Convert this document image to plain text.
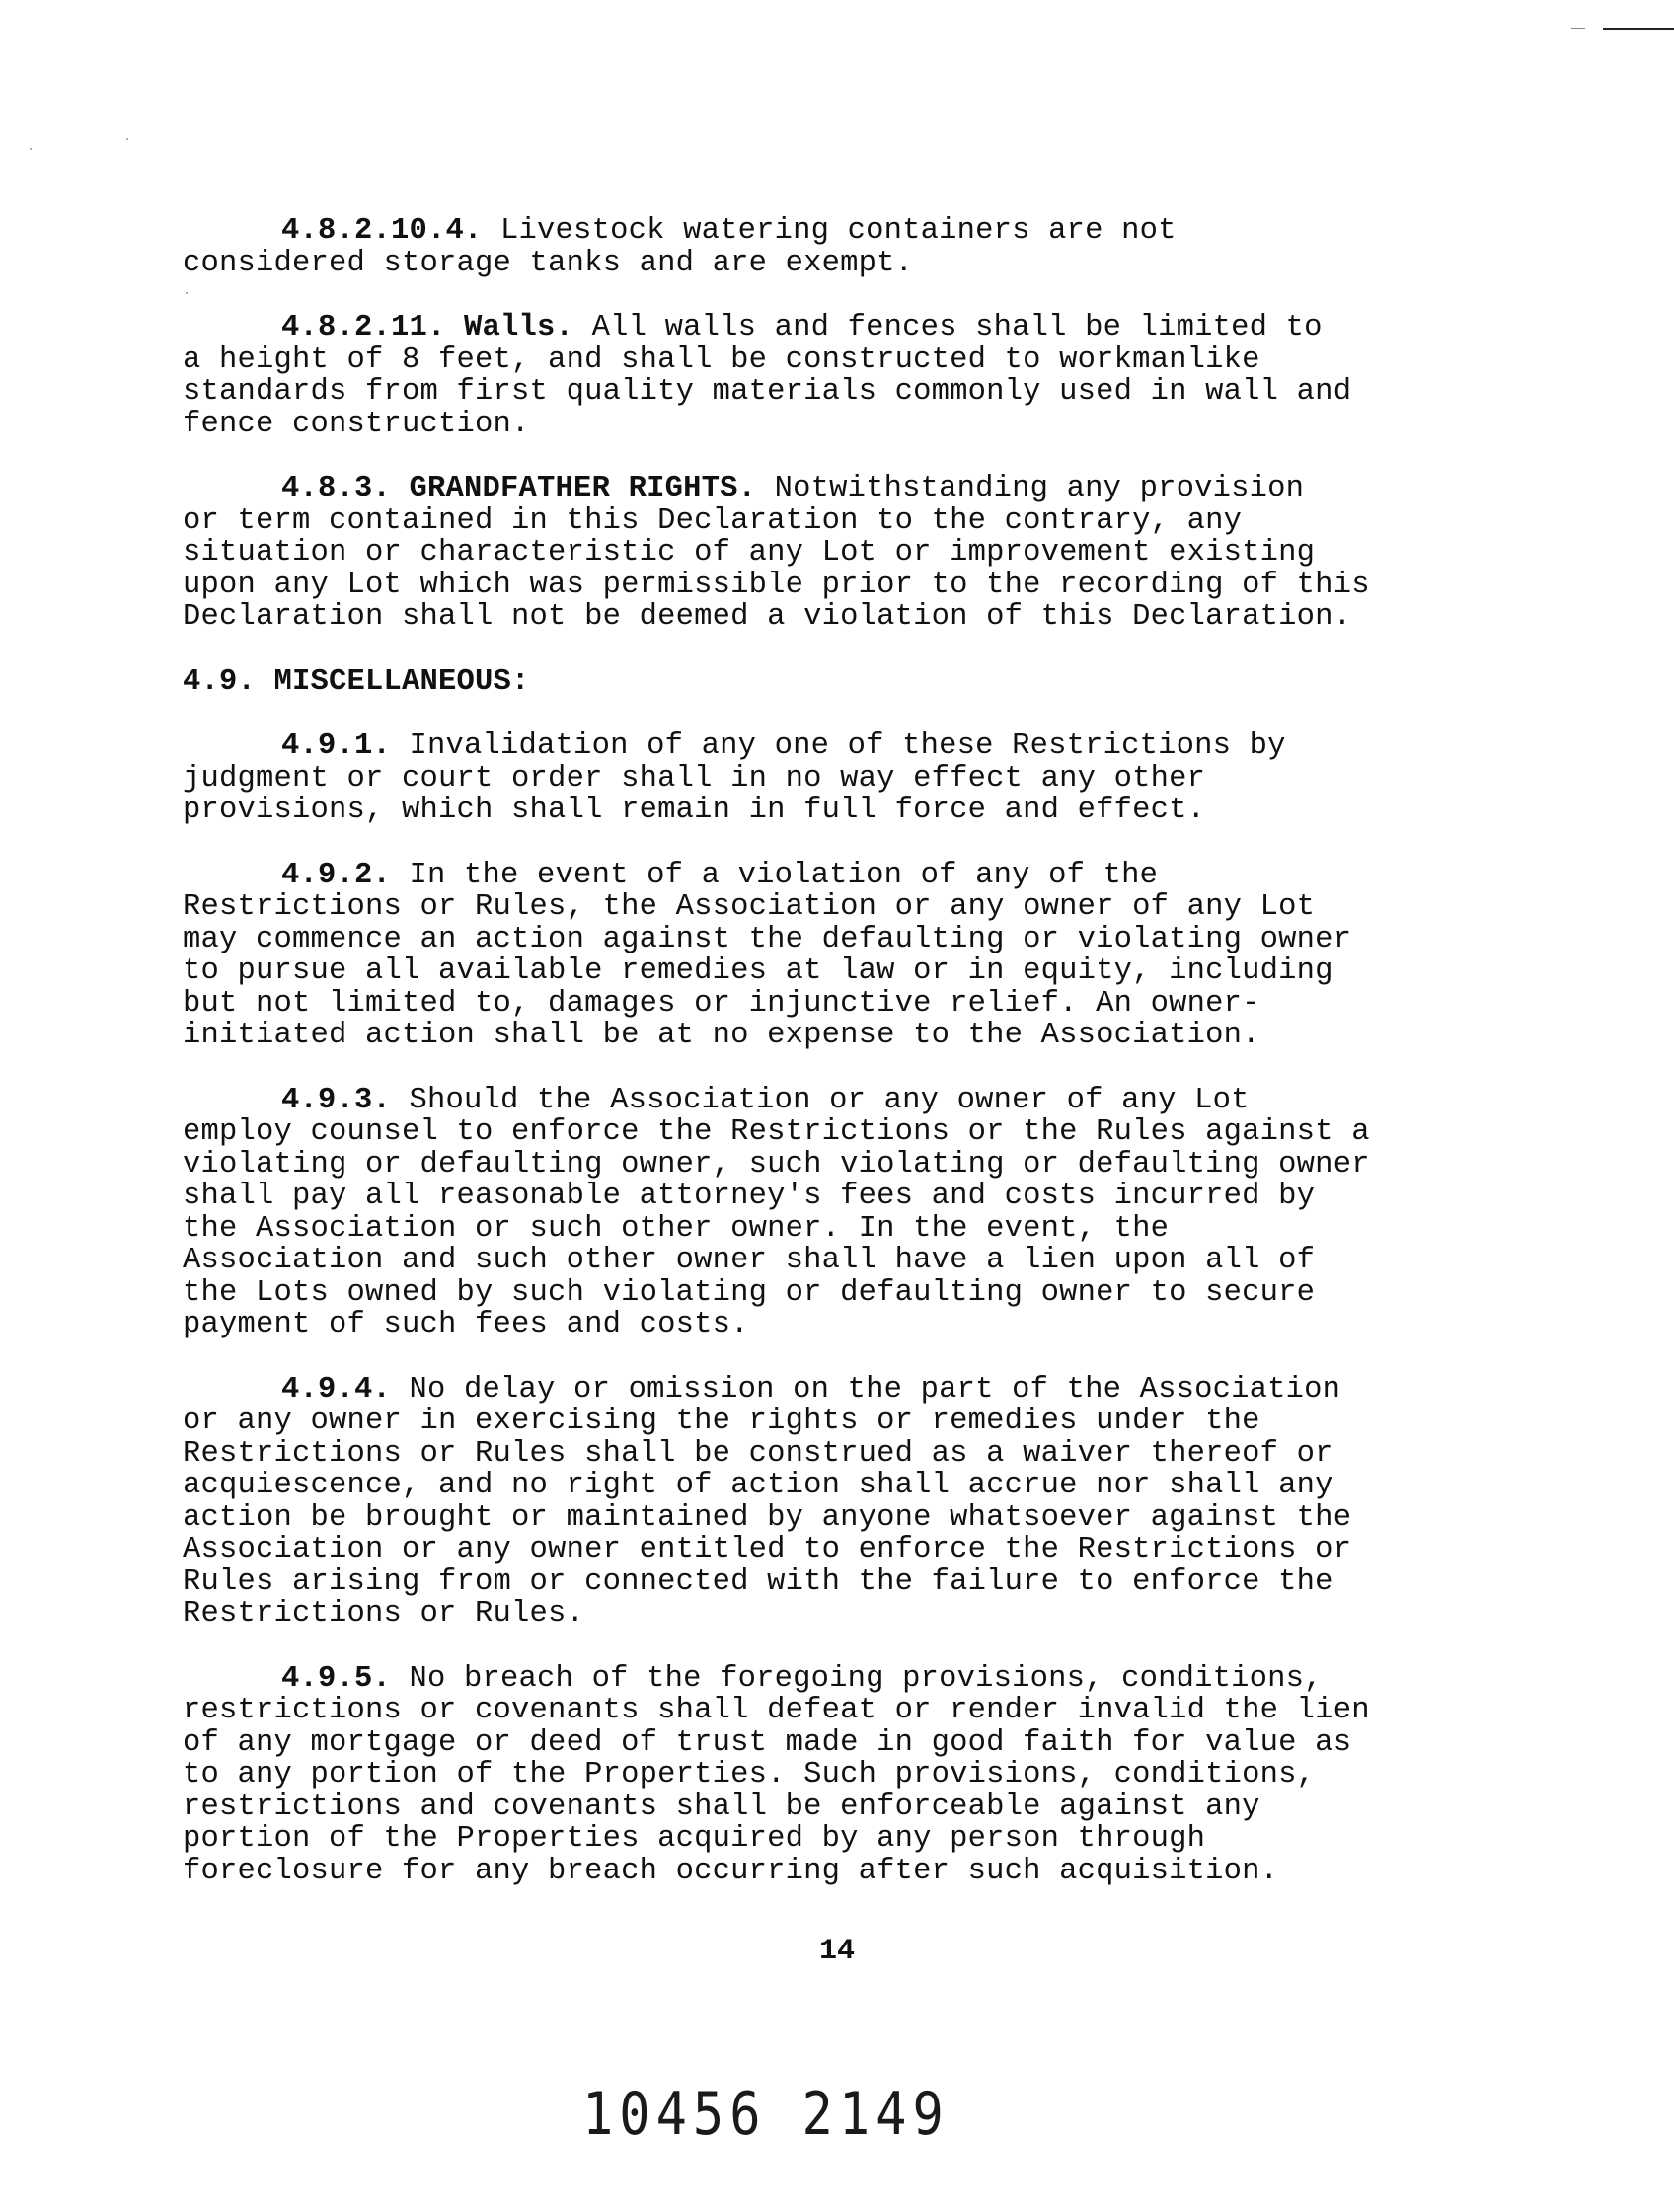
4.8.2.10.4. Livestock watering containers are not
considered storage tanks and are exempt.

4.8.2.11. Walls. All walls and fences shall be limited to
a height of 8 feet, and shall be constructed to workmanlike
standards from first quality materials commonly used in wall and
fence construction.

4.8.3. GRANDFATHER RIGHTS. Notwithstanding any provision
or term contained in this Declaration to the contrary, any
situation or characteristic of any Lot or improvement existing
upon any Lot which was permissible prior to the recording of this
Declaration shall not be deemed a violation of this Declaration.

4.9. MISCELLANEOUS:

4.9.1. Invalidation of any one of these Restrictions by
judgment or court order shall in no way effect any other
provisions, which shall remain in full force and effect.

4.9.2. In the event of a violation of any of the
Restrictions or Rules, the Association or any owner of any Lot
may commence an action against the defaulting or violating owner
to pursue all available remedies at law or in equity, including
but not limited to, damages or injunctive relief. An owner-
initiated action shall be at no expense to the Association.

4.9.3. Should the Association or any owner of any Lot
employ counsel to enforce the Restrictions or the Rules against a
violating or defaulting owner, such violating or defaulting owner
shall pay all reasonable attorney's fees and costs incurred by
the Association or such other owner. In the event, the
Association and such other owner shall have a lien upon all of
the Lots owned by such violating or defaulting owner to secure
payment of such fees and costs.

4.9.4. No delay or omission on the part of the Association
or any owner in exercising the rights or remedies under the
Restrictions or Rules shall be construed as a waiver thereof or
acquiescence, and no right of action shall accrue nor shall any
action be brought or maintained by anyone whatsoever against the
Association or any owner entitled to enforce the Restrictions or
Rules arising from or connected with the failure to enforce the
Restrictions or Rules.

4.9.5. No breach of the foregoing provisions, conditions,
restrictions or covenants shall defeat or render invalid the lien
of any mortgage or deed of trust made in good faith for value as
to any portion of the Properties. Such provisions, conditions,
restrictions and covenants shall be enforceable against any
portion of the Properties acquired by any person through
foreclosure for any breach occurring after such acquisition.

14
10456 2149
